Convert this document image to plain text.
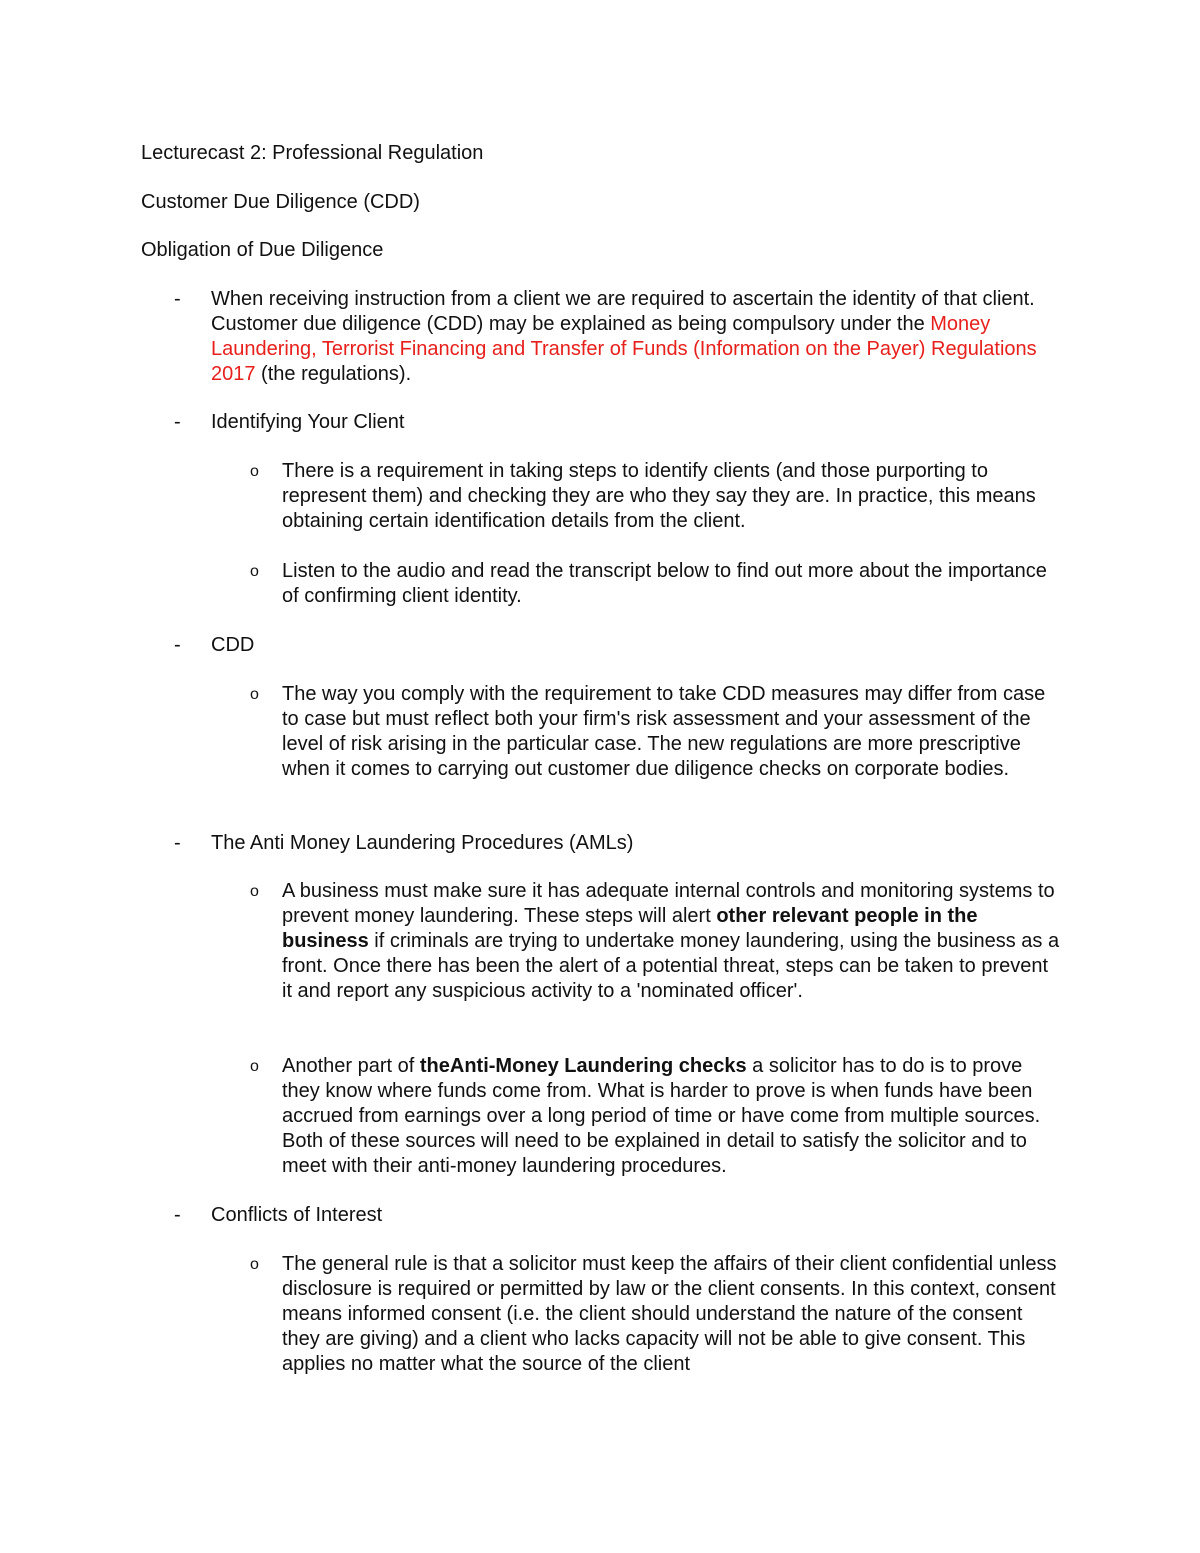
Lecturecast 2: Professional Regulation
Customer Due Diligence (CDD)
Obligation of Due Diligence
- When receiving instruction from a client we are required to ascertain the identity of that client. Customer due diligence (CDD) may be explained as being compulsory under the Money Laundering, Terrorist Financing and Transfer of Funds (Information on the Payer) Regulations 2017 (the regulations).
- Identifying Your Client
o There is a requirement in taking steps to identify clients (and those purporting to represent them) and checking they are who they say they are. In practice, this means obtaining certain identification details from the client.
o Listen to the audio and read the transcript below to find out more about the importance of confirming client identity.
- CDD
o The way you comply with the requirement to take CDD measures may differ from case to case but must reflect both your firm's risk assessment and your assessment of the level of risk arising in the particular case. The new regulations are more prescriptive when it comes to carrying out customer due diligence checks on corporate bodies.
- The Anti Money Laundering Procedures (AMLs)
o A business must make sure it has adequate internal controls and monitoring systems to prevent money laundering. These steps will alert other relevant people in the business if criminals are trying to undertake money laundering, using the business as a front. Once there has been the alert of a potential threat, steps can be taken to prevent it and report any suspicious activity to a 'nominated officer'.
o Another part of theAnti-Money Laundering checks a solicitor has to do is to prove they know where funds come from. What is harder to prove is when funds have been accrued from earnings over a long period of time or have come from multiple sources. Both of these sources will need to be explained in detail to satisfy the solicitor and to meet with their anti-money laundering procedures.
- Conflicts of Interest
o The general rule is that a solicitor must keep the affairs of their client confidential unless disclosure is required or permitted by law or the client consents. In this context, consent means informed consent (i.e. the client should understand the nature of the consent they are giving) and a client who lacks capacity will not be able to give consent. This applies no matter what the source of the client
